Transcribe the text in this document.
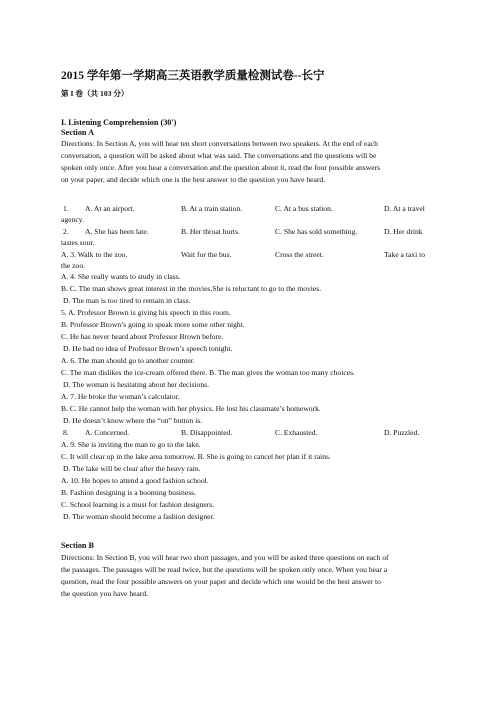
2015 学年第一学期高三英语教学质量检测试卷--长宁
第 I 卷（共 103 分）
I. Listening Comprehension (30')
Section A
Directions: In Section A, you will hear ten short conversations between two speakers. At the end of each
conversation, a question will be asked about what was said. The conversations and the questions will be
spoken only once. After you hear a conversation and the question about it, read the four possible answers
on your paper, and decide which one is the best answer to the question you have heard.
1. A. At an airport.	B. At a train station.	C. At a bus station.	D. At a travel
agency.
2. A. She has been late.	B. Her throat hurts.	C. She has sold something.	D. Her drink
tastes sour.
A. 3. Walk to the zoo.	Wait for the bus.	Cross the street.	Take a taxi to
the zoo.
A. 4. She really wants to study in class.
B. C. The man shows great interest in the movies.She is reluctant to go to the movies.
D. The man is too tired to remain in class.
5. A. Professor Brown is giving his speech in this room.
B. Professor Brown’s going to speak more some other night.
C. He has never heard about Professor Brown before.
D. He had no idea of Professor Brown’s speech tonight.
A. 6. The man should go to another counter.
C. The man dislikes the ice-cream offered there. B. The man gives the woman too many choices.
D. The woman is hesitating about her decisions.
A. 7. He broke the woman’s calculator.
B. C. He cannot help the woman with her physics. He lost his classmate’s homework.
D. He doesn’t know where the “on” button is.
8. A. Concerned.	B. Disappointed.	C. Exhausted.	D. Puzzled.
A. 9. She is inviting the man to go to the lake.
C. It will clear up in the lake area tomorrow. B. She is going to cancel her plan if it rains.
D. The lake will be clear after the heavy rain.
A. 10. He hopes to attend a good fashion school.
B. Fashion designing is a booming business.
C. School learning is a must for fashion designers.
D. The woman should become a fashion designer.
Section B
Directions: In Section B, you will hear two short passages, and you will be asked three questions on each of
the passages. The passages will be read twice, but the questions will be spoken only once. When you hear a
question, read the four possible answers on your paper and decide which one would be the best answer to
the question you have heard.
